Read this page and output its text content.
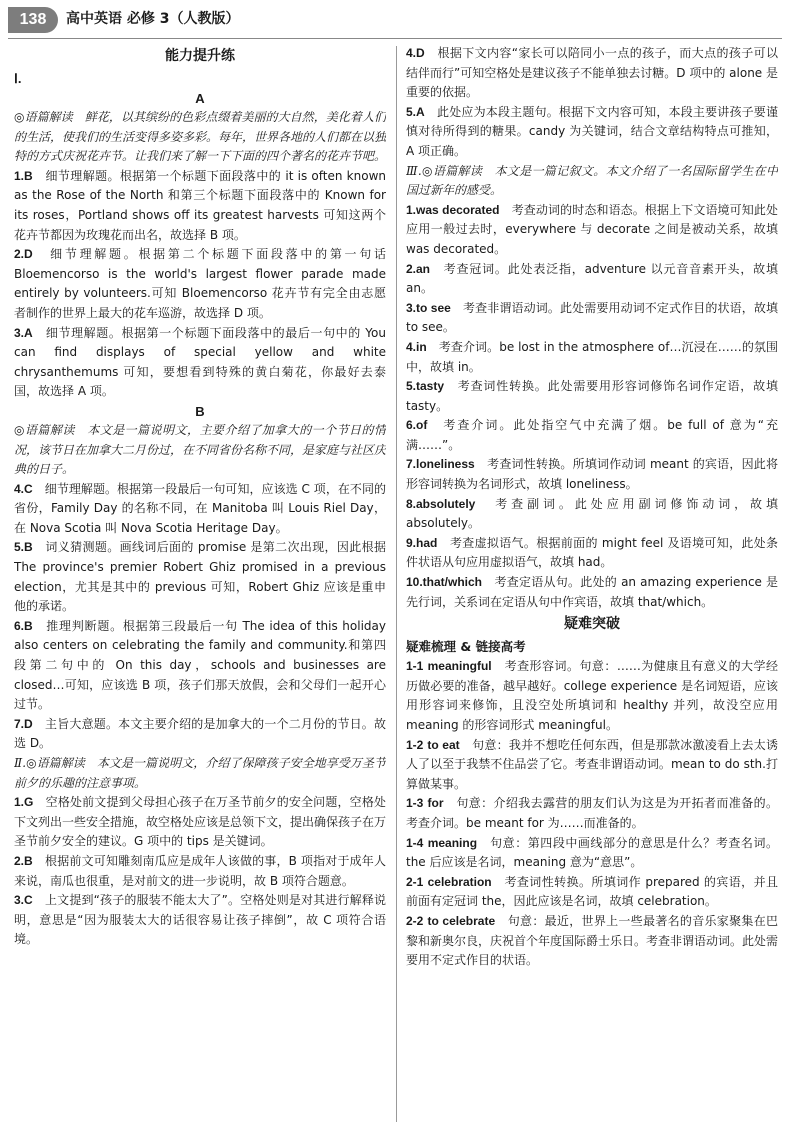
138	高中英语 必修 3（人教版）
能力提升练
Ⅰ.
A

◎语篇解读　鲜花，以其缤纷的色彩点缀着美丽的大自然，美化着人们的生活，使我们的生活变得多姿多彩。每年，世界各地的人们都在以独特的方式庆祝花卉节。让我们来了解一下下面的四个著名的花卉节吧。

1.B　细节理解题。根据第一个标题下面段落中的 it is often known as the Rose of the North 和第三个标题下面段落中的 Known for its roses，Portland shows off its greatest harvests 可知这两个花卉节都因为玫瑰花而出名，故选择 B 项。

2.D　细节理解题。根据第二个标题下面段落中的第一句话 Bloemencorso is the world's largest flower parade made entirely by volunteers.可知 Bloemencorso 花卉节有完全由志愿者制作的世界上最大的花车巡游，故选择 D 项。

3.A　细节理解题。根据第一个标题下面段落中的最后一句中的 You can find displays of special yellow and white chrysanthemums 可知，要想看到特殊的黄白菊花，你最好去泰国，故选择 A 项。

B

◎语篇解读　本文是一篇说明文，主要介绍了加拿大的一个节日的情况，该节日在加拿大二月份过，在不同省份名称不同，是家庭与社区庆典的日子。

4.C　细节理解题。根据第一段最后一句可知，应该选 C 项，在不同的省份，Family Day 的名称不同，在 Manitoba 叫 Louis Riel Day，在 Nova Scotia 叫 Nova Scotia Heritage Day。

5.B　词义猜测题。画线词后面的 promise 是第二次出现，因此根据 The province's premier Robert Ghiz promised in a previous election，尤其是其中的 previous 可知，Robert Ghiz 应该是重申他的承诺。

6.B　推理判断题。根据第三段最后一句 The idea of this holiday also centers on celebrating the family and community.和第四段第二句中的 On this day，schools and businesses are closed…可知，应该选 B 项，孩子们那天放假，会和父母们一起开心过节。

7.D　主旨大意题。本文主要介绍的是加拿大的一个二月份的节日。故选 D。

Ⅱ.◎语篇解读　本文是一篇说明文，介绍了保障孩子安全地享受万圣节前夕的乐趣的注意事项。

1.G　空格处前文提到父母担心孩子在万圣节前夕的安全问题，空格处下文列出一些安全措施，故空格处应该是总领下文，提出确保孩子在万圣节前夕安全的建议。G 项中的 tips 是关键词。

2.B　根据前文可知雕刻南瓜应是成年人该做的事，B 项指对于成年人来说，南瓜也很重，是对前文的进一步说明，故 B 项符合题意。

3.C　上文提到“孩子的服装不能太大了”。空格处则是对其进行解释说明，意思是“因为服装太大的话很容易让孩子摔倒”，故 C 项符合语境。

4.D　根据下文内容“家长可以陪同小一点的孩子，而大点的孩子可以结伴而行”可知空格处是建议孩子不能单独去讨糖。D 项中的 alone 是重要的依据。

5.A　此处应为本段主题句。根据下文内容可知，本段主要讲孩子要谨慎对待所得到的糖果。candy 为关键词，结合文章结构特点可推知，A 项正确。

Ⅲ.◎语篇解读　本文是一篇记叙文。本文介绍了一名国际留学生在中国过新年的感受。

1.was decorated　考查动词的时态和语态。根据上下文语境可知此处应用一般过去时，everywhere 与 decorate 之间是被动关系，故填 was decorated。

2.an　考查冠词。此处表泛指，adventure 以元音音素开头，故填 an。

3.to see　考查非谓语动词。此处需要用动词不定式作目的状语，故填 to see。

4.in　考查介词。be lost in the atmosphere of…沉浸在……的氛围中，故填 in。

5.tasty　考查词性转换。此处需要用形容词修饰名词作定语，故填 tasty。

6.of　考查介词。此处指空气中充满了烟。be full of 意为“充满……”。

7.loneliness　考查词性转换。所填词作动词 meant 的宾语，因此将形容词转换为名词形式，故填 loneliness。

8.absolutely　考查副词。此处应用副词修饰动词，故填 absolutely。

9.had　考查虚拟语气。根据前面的 might feel 及语境可知，此处条件状语从句应用虚拟语气，故填 had。

10.that/which　考查定语从句。此处的 an amazing experience 是先行词，关系词在定语从句中作宾语，故填 that/which。

疑难突破
疑难梳理 & 链接高考

1-1 meaningful　考查形容词。句意：……为健康且有意义的大学经历做必要的准备，越早越好。college experience 是名词短语，应该用形容词来修饰，且没空处所填词和 healthy 并列，故没空应用 meaning 的形容词形式 meaningful。

1-2 to eat　句意：我并不想吃任何东西，但是那款冰激凌看上去太诱人了以至于我禁不住品尝了它。考查非谓语动词。mean to do sth.打算做某事。

1-3 for　句意：介绍我去露营的朋友们认为这是为开拓者而准备的。考查介词。be meant for 为……而准备的。

1-4 meaning　句意：第四段中画线部分的意思是什么？考查名词。the 后应该是名词，meaning 意为“意思”。

2-1 celebration　考查词性转换。所填词作 prepared 的宾语，并且前面有定冠词 the，因此应该是名词，故填 celebration。

2-2 to celebrate　句意：最近，世界上一些最著名的音乐家聚集在巴黎和新奥尔良，庆祝首个年度国际爵士乐日。考查非谓语动词。此处需要用不定式作目的状语。
